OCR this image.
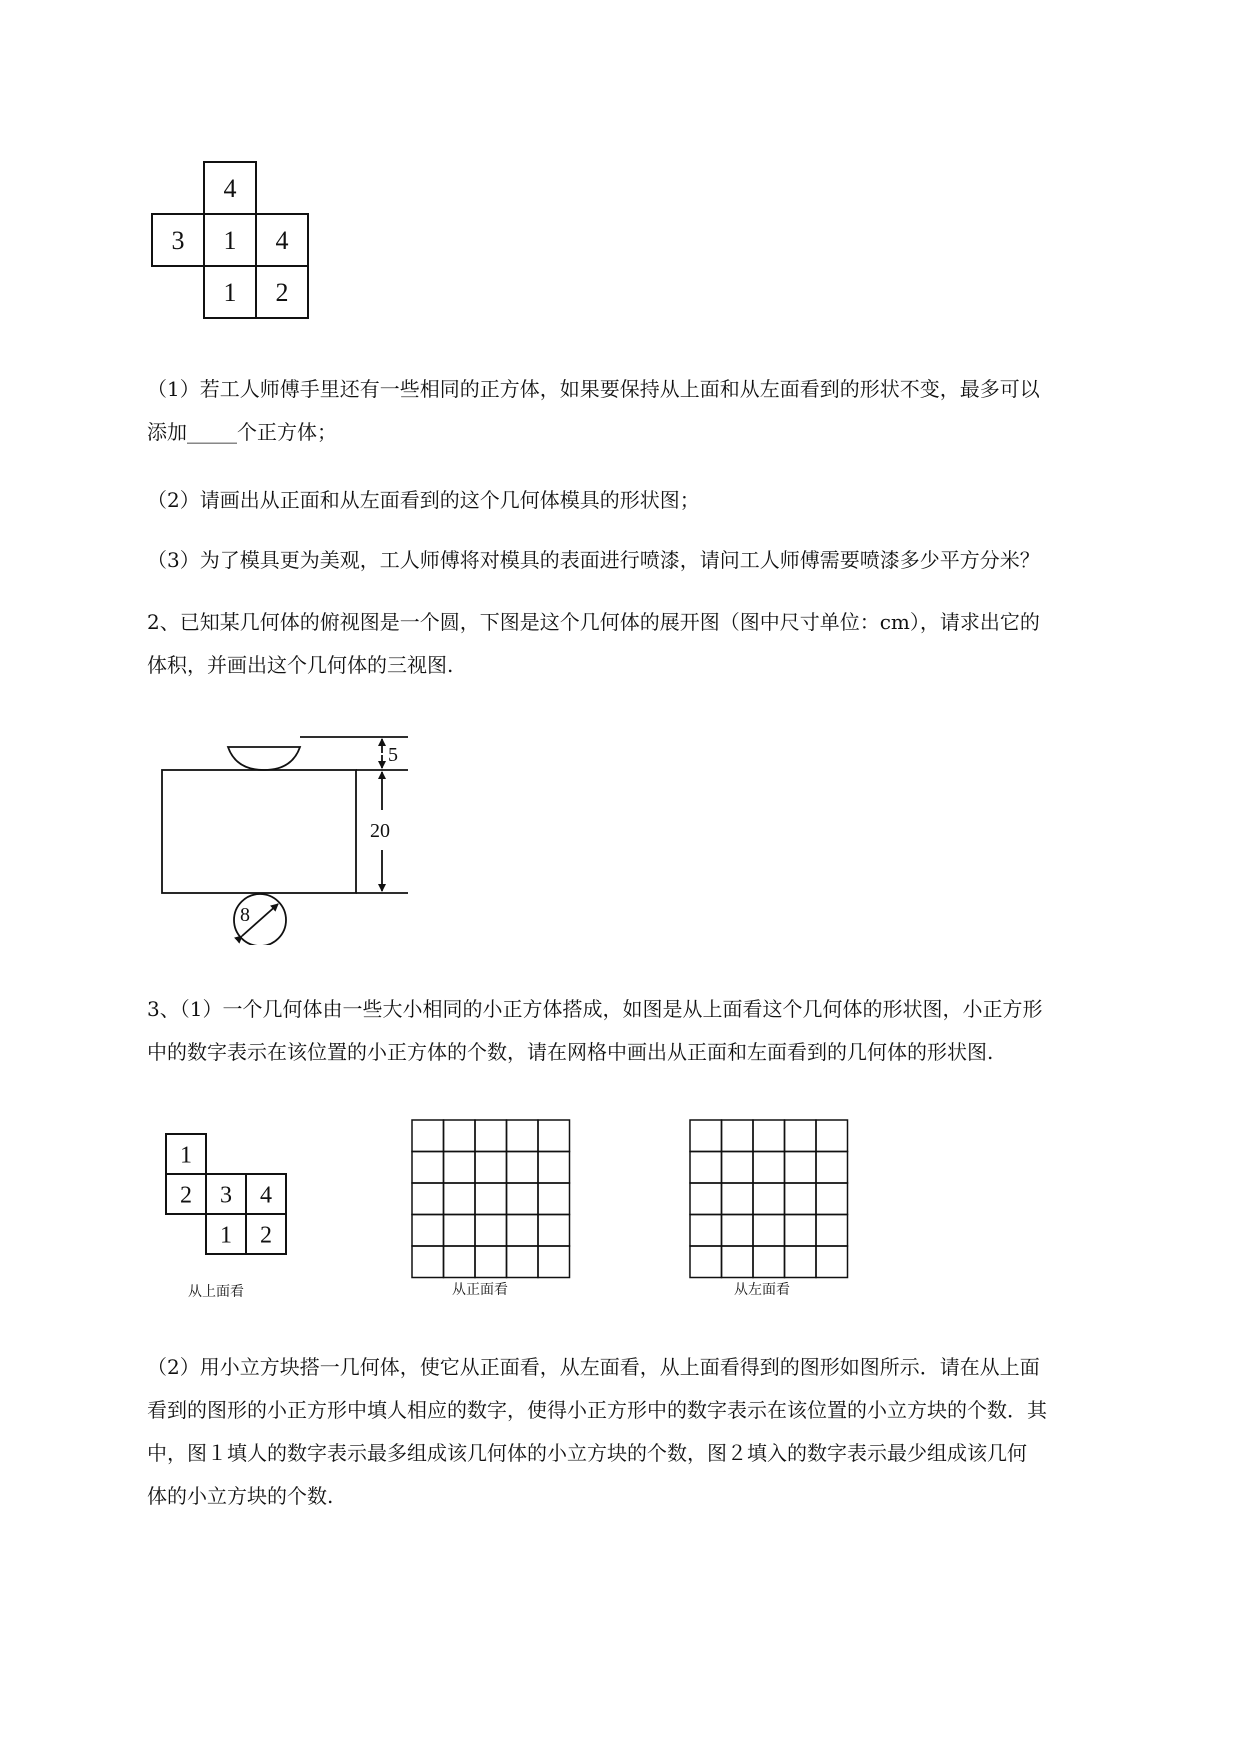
4
3 1 4
1 2
（1）若工人师傅手里还有一些相同的正方体，如果要保持从上面和从左面看到的形状不变，最多可以
添加_____个正方体；
（2）请画出从正面和从左面看到的这个几何体模具的形状图；
（3）为了模具更为美观，工人师傅将对模具的表面进行喷漆，请问工人师傅需要喷漆多少平方分米？
2、已知某几何体的俯视图是一个圆，下图是这个几何体的展开图（图中尺寸单位：cm），请求出它的
体积，并画出这个几何体的三视图.
5
20
8
3、（1）一个几何体由一些大小相同的小正方体搭成，如图是从上面看这个几何体的形状图，小正方形
中的数字表示在该位置的小正方体的个数，请在网格中画出从正面和左面看到的几何体的形状图.
1
2 3 4
1 2
从上面看	从正面看	从左面看
（2）用小立方块搭一几何体，使它从正面看，从左面看，从上面看得到的图形如图所示．请在从上面
看到的图形的小正方形中填人相应的数字，使得小正方形中的数字表示在该位置的小立方块的个数．其
中，图１填人的数字表示最多组成该几何体的小立方块的个数，图２填入的数字表示最少组成该几何
体的小立方块的个数.
